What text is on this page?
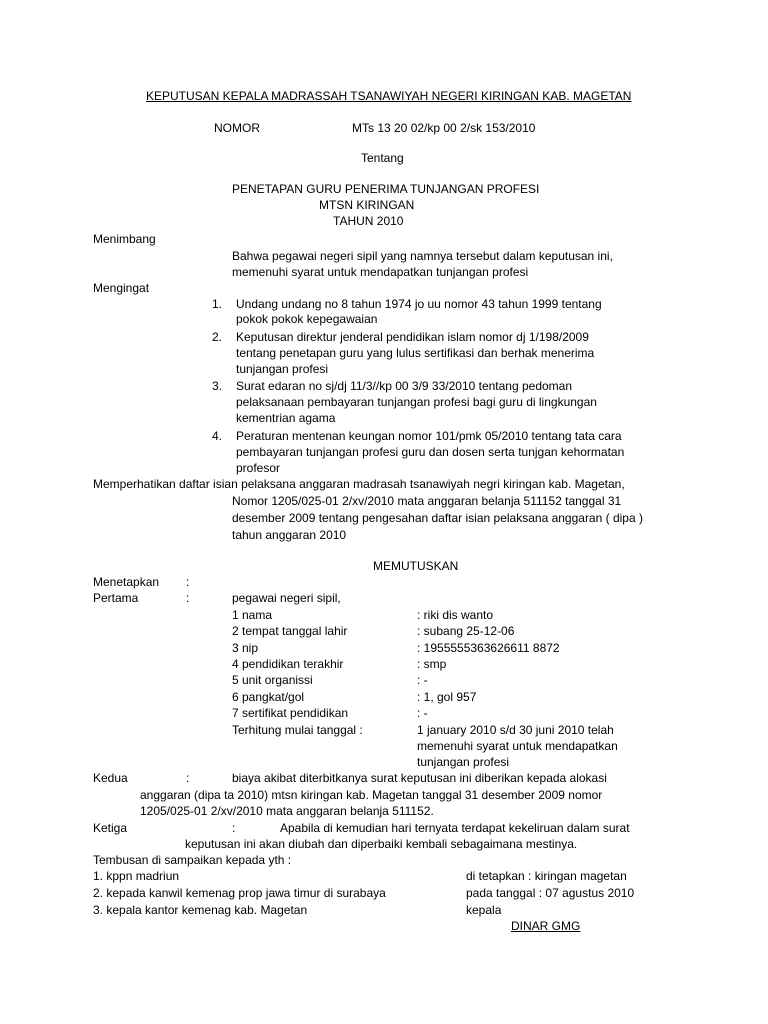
KEPUTUSAN KEPALA MADRASSAH TSANAWIYAH NEGERI KIRINGAN KAB. MAGETAN
NOMOR	MTs 13 20 02/kp 00 2/sk 153/2010
Tentang
PENETAPAN GURU PENERIMA TUNJANGAN PROFESI
MTSN KIRINGAN
TAHUN 2010
Menimbang
Bahwa pegawai negeri sipil yang namnya tersebut dalam keputusan ini,
memenuhi syarat untuk mendapatkan tunjangan profesi
Mengingat
1. Undang undang no 8 tahun 1974 jo uu nomor 43 tahun 1999 tentang
pokok pokok kepegawaian
2. Keputusan direktur jenderal pendidikan islam nomor dj 1/198/2009
tentang penetapan guru yang lulus sertifikasi dan berhak menerima
tunjangan profesi
3. Surat edaran no sj/dj 11/3//kp 00 3/9 33/2010 tentang pedoman
pelaksanaan pembayaran tunjangan profesi bagi guru di lingkungan
kementrian agama
4. Peraturan mentenan keungan nomor 101/pmk 05/2010 tentang tata cara
pembayaran tunjangan profesi guru dan dosen serta tunjgan kehormatan
profesor
Memperhatikan daftar isian pelaksana anggaran madrasah tsanawiyah negri kiringan kab. Magetan,
Nomor 1205/025-01 2/xv/2010 mata anggaran belanja 511152 tanggal 31
desember 2009 tentang pengesahan daftar isian pelaksana anggaran ( dipa )
tahun anggaran 2010
MEMUTUSKAN
Menetapkan :
Pertama	:	pegawai negeri sipil,
1 nama	: riki dis wanto
2 tempat tanggal lahir	: subang 25-12-06
3 nip	: 1955555363626611 8872
4 pendidikan terakhir	: smp
5 unit organissi	: -
6 pangkat/gol	: 1, gol 957
7 sertifikat pendidikan	: -
Terhitung mulai tanggal :	1 january 2010 s/d 30 juni 2010 telah
memenuhi syarat untuk mendapatkan
tunjangan profesi
Kedua	:	biaya akibat diterbitkanya surat keputusan ini diberikan kepada alokasi
anggaran (dipa ta 2010) mtsn kiringan kab. Magetan tanggal 31 desember 2009 nomor
1205/025-01 2/xv/2010 mata anggaran belanja 511152.
Ketiga	:	Apabila di kemudian hari ternyata terdapat kekeliruan dalam surat
keputusan ini akan diubah dan diperbaiki kembali sebagaimana mestinya.
Tembusan di sampaikan kepada yth :
1. kppn madriun
2. kepada kanwil kemenag prop jawa timur di surabaya
3. kepala kantor kemenag kab. Magetan
di tetapkan : kiringan magetan
pada tanggal : 07 agustus 2010
kepala
DINAR GMG
